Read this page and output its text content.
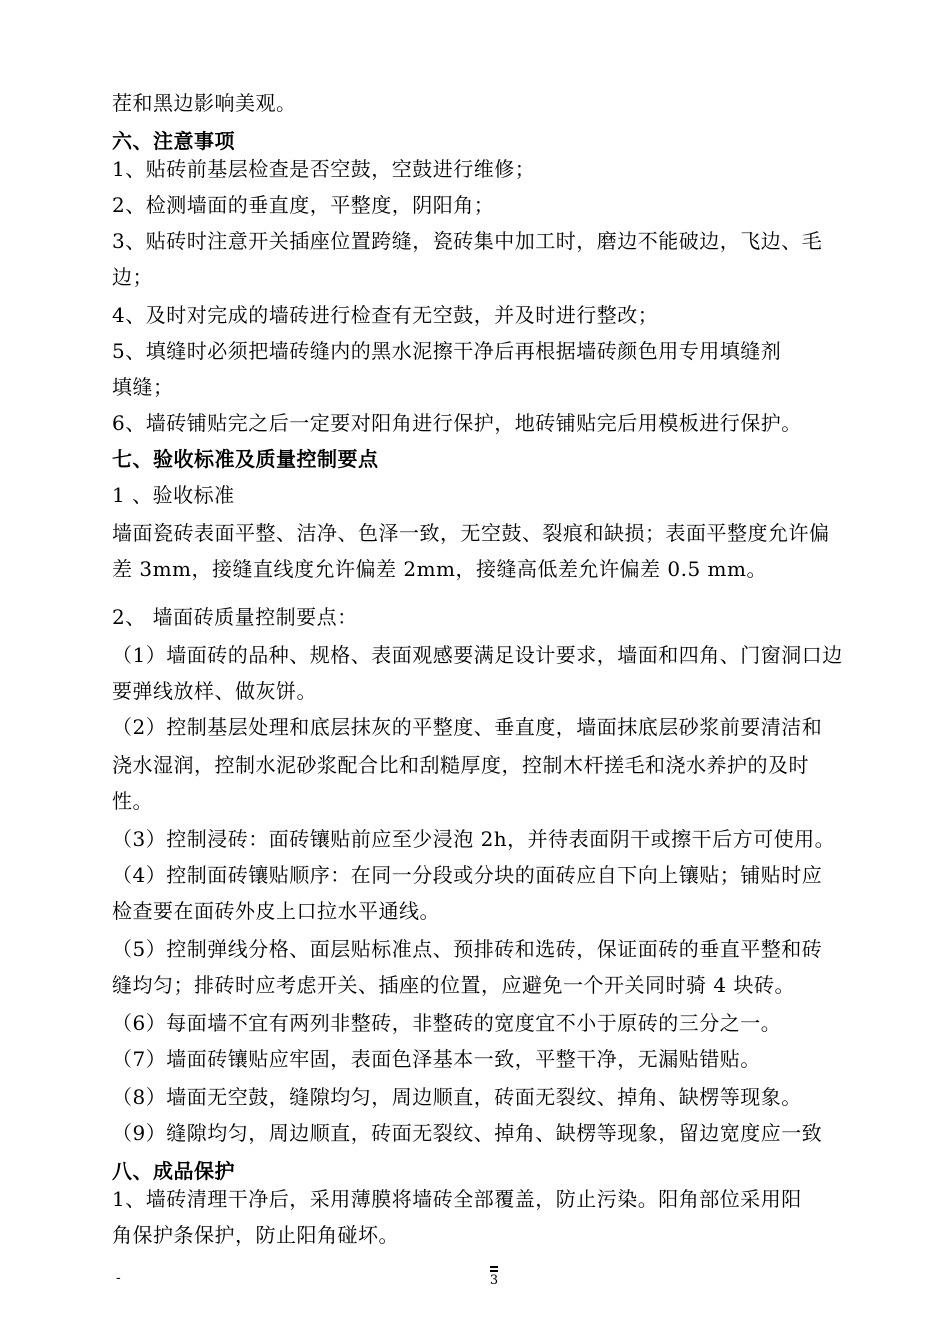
茬和黑边影响美观。
六、注意事项
1、贴砖前基层检查是否空鼓，空鼓进行维修；
2、检测墙面的垂直度，平整度，阴阳角；
3、贴砖时注意开关插座位置跨缝，瓷砖集中加工时，磨边不能破边，飞边、毛
边；
4、及时对完成的墙砖进行检查有无空鼓，并及时进行整改；
5、填缝时必须把墙砖缝内的黑水泥擦干净后再根据墙砖颜色用专用填缝剂
填缝；
6、墙砖铺贴完之后一定要对阳角进行保护，地砖铺贴完后用模板进行保护。
七、验收标准及质量控制要点
1 、验收标准
墙面瓷砖表面平整、洁净、色泽一致，无空鼓、裂痕和缺损；表面平整度允许偏
差 3mm，接缝直线度允许偏差 2mm，接缝高低差允许偏差 0.5 mm。
2、 墙面砖质量控制要点：
（1）墙面砖的品种、规格、表面观感要满足设计要求，墙面和四角、门窗洞口边
要弹线放样、做灰饼。
（2）控制基层处理和底层抹灰的平整度、垂直度，墙面抹底层砂浆前要清洁和
浇水湿润，控制水泥砂浆配合比和刮糙厚度，控制木杆搓毛和浇水养护的及时
性。
（3）控制浸砖：面砖镶贴前应至少浸泡 2h，并待表面阴干或擦干后方可使用。
（4）控制面砖镶贴顺序：在同一分段或分块的面砖应自下向上镶贴；铺贴时应
检查要在面砖外皮上口拉水平通线。
（5）控制弹线分格、面层贴标准点、预排砖和选砖，保证面砖的垂直平整和砖
缝均匀；排砖时应考虑开关、插座的位置，应避免一个开关同时骑 4 块砖。
（6）每面墙不宜有两列非整砖，非整砖的宽度宜不小于原砖的三分之一。
（7）墙面砖镶贴应牢固，表面色泽基本一致，平整干净，无漏贴错贴。
（8）墙面无空鼓，缝隙均匀，周边顺直，砖面无裂纹、掉角、缺楞等现象。
（9）缝隙均匀，周边顺直，砖面无裂纹、掉角、缺楞等现象，留边宽度应一致
八、成品保护
1、墙砖清理干净后，采用薄膜将墙砖全部覆盖，防止污染。阳角部位采用阳
角保护条保护，防止阳角碰坏。
-	3
